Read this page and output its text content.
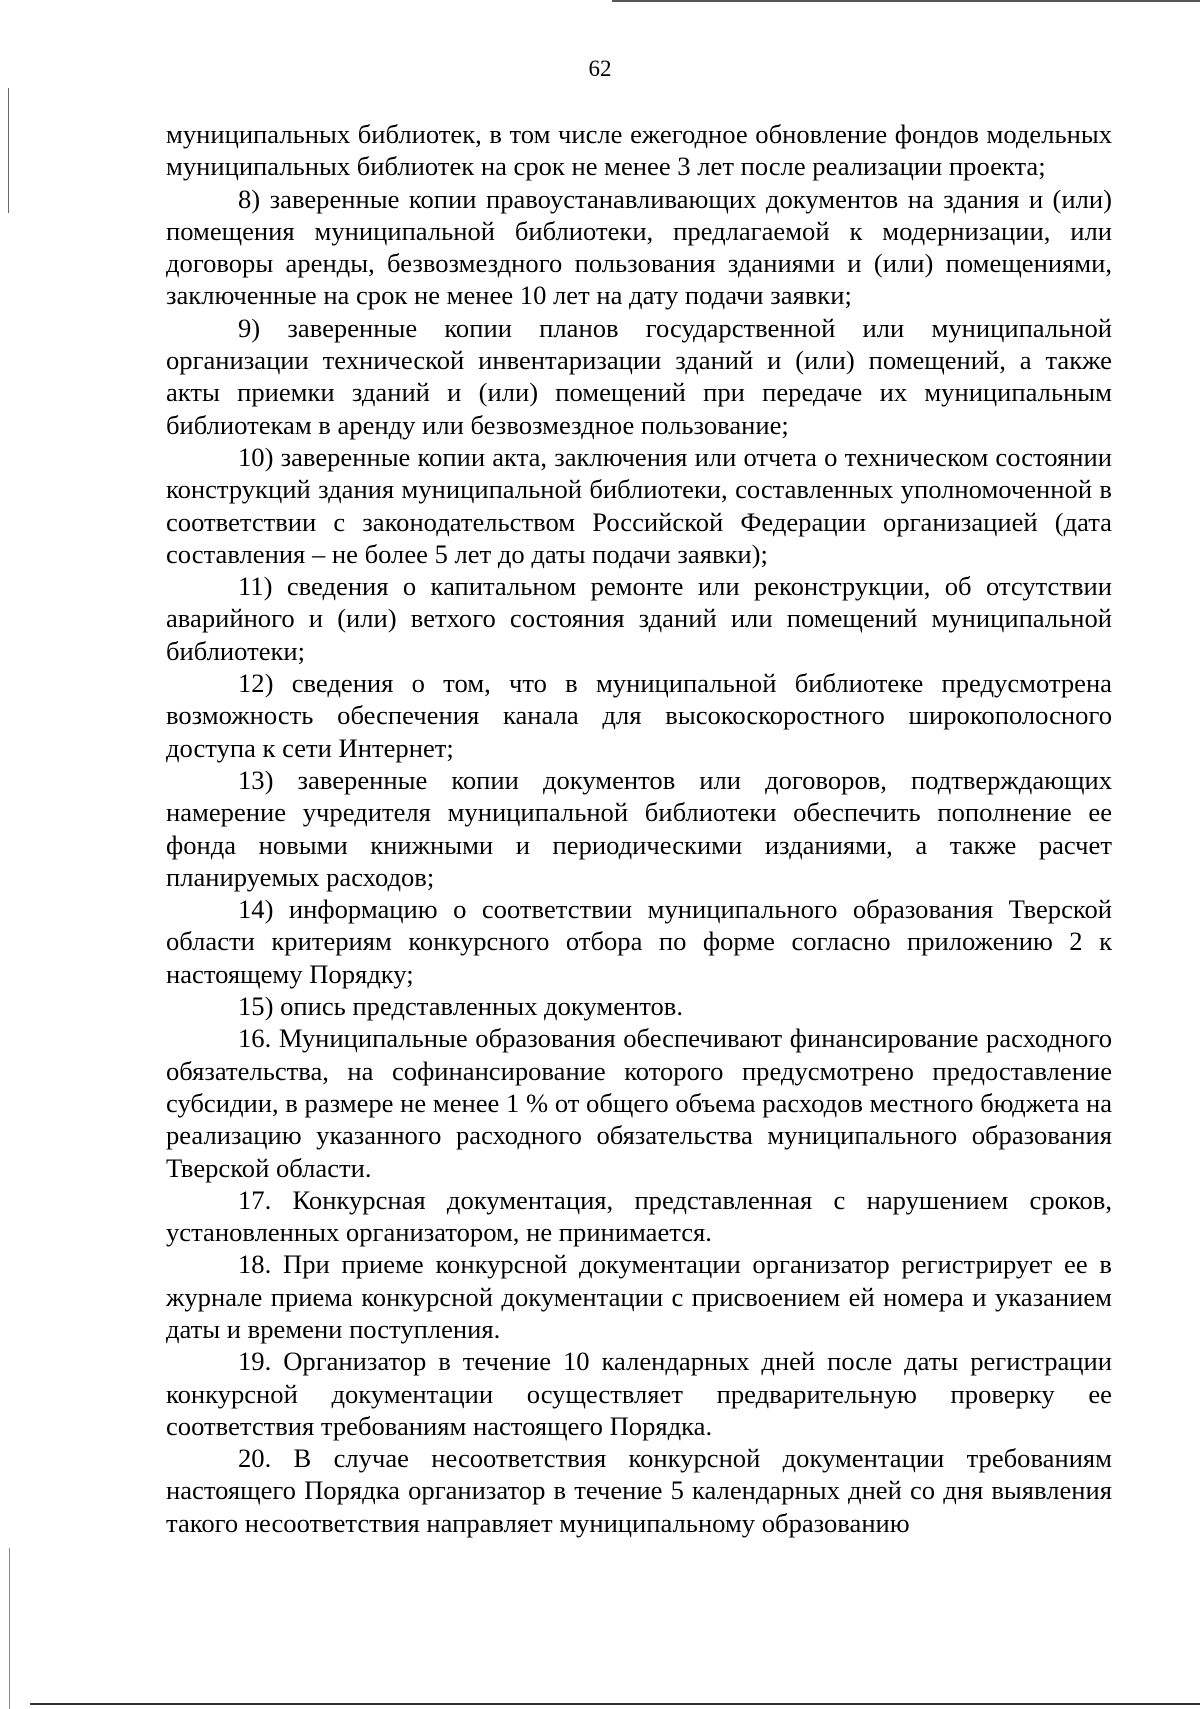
62

муниципальных библиотек, в том числе ежегодное обновление фондов модельных муниципальных библиотек на срок не менее 3 лет после реализации проекта;

8) заверенные копии правоустанавливающих документов на здания и (или) помещения муниципальной библиотеки, предлагаемой к модернизации, или договоры аренды, безвозмездного пользования зданиями и (или) помещениями, заключенные на срок не менее 10 лет на дату подачи заявки;

9) заверенные копии планов государственной или муниципальной организации технической инвентаризации зданий и (или) помещений, а также акты приемки зданий и (или) помещений при передаче их муниципальным библиотекам в аренду или безвозмездное пользование;

10) заверенные копии акта, заключения или отчета о техническом состоянии конструкций здания муниципальной библиотеки, составленных уполномоченной в соответствии с законодательством Российской Федерации организацией (дата составления – не более 5 лет до даты подачи заявки);

11) сведения о капитальном ремонте или реконструкции, об отсутствии аварийного и (или) ветхого состояния зданий или помещений муниципальной библиотеки;

12) сведения о том, что в муниципальной библиотеке предусмотрена возможность обеспечения канала для высокоскоростного широкополосного доступа к сети Интернет;

13) заверенные копии документов или договоров, подтверждающих намерение учредителя муниципальной библиотеки обеспечить пополнение ее фонда новыми книжными и периодическими изданиями, а также расчет планируемых расходов;

14) информацию о соответствии муниципального образования Тверской области критериям конкурсного отбора по форме согласно приложению 2 к настоящему Порядку;

15) опись представленных документов.

16. Муниципальные образования обеспечивают финансирование расходного обязательства, на софинансирование которого предусмотрено предоставление субсидии, в размере не менее 1 % от общего объема расходов местного бюджета на реализацию указанного расходного обязательства муниципального образования Тверской области.

17. Конкурсная документация, представленная с нарушением сроков, установленных организатором, не принимается.

18. При приеме конкурсной документации организатор регистрирует ее в журнале приема конкурсной документации с присвоением ей номера и указанием даты и времени поступления.

19. Организатор в течение 10 календарных дней после даты регистрации конкурсной документации осуществляет предварительную проверку ее соответствия требованиям настоящего Порядка.

20. В случае несоответствия конкурсной документации требованиям настоящего Порядка организатор в течение 5 календарных дней со дня выявления такого несоответствия направляет муниципальному образованию
